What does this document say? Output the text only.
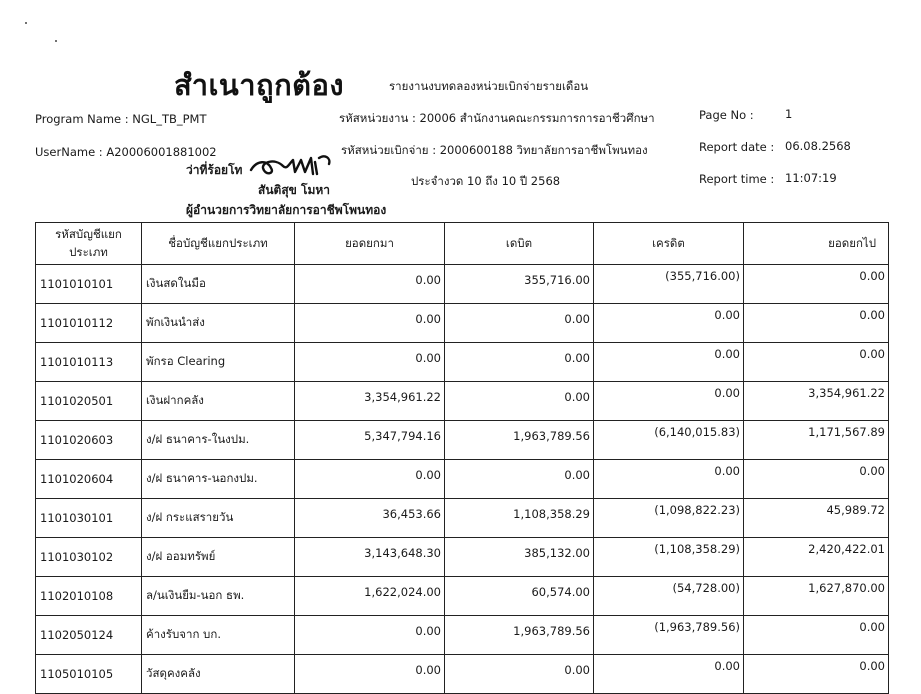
สำเนาถูกต้อง	รายงานงบทดลองหน่วยเบิกจ่ายรายเดือน
Program Name : NGL_TB_PMT	รหัสหน่วยงาน : 20006 สำนักงานคณะกรรมการการอาชีวศึกษา	Page No :	1
UserName : A20006001881002	รหัสหน่วยเบิกจ่าย : 2000600188 วิทยาลัยการอาชีพโพนทอง	Report date : 06.08.2568
ว่าที่ร้อยโท
สันติสุข โมหา
ผู้อำนวยการวิทยาลัยการอาชีพโพนทอง
ประจำงวด 10 ถึง 10 ปี 2568	Report time : 11:07:19
รหัสบัญชีแยกประเภท	ชื่อบัญชีแยกประเภท	ยอดยกมา	เดบิต	เครดิต	ยอดยกไป
1101010101	เงินสดในมือ	0.00	355,716.00	(355,716.00)	0.00
1101010112	พักเงินนำส่ง	0.00	0.00	0.00	0.00
1101010113	พักรอ Clearing	0.00	0.00	0.00	0.00
1101020501	เงินฝากคลัง	3,354,961.22	0.00	0.00	3,354,961.22
1101020603	ง/ฝ ธนาคาร-ในงปม.	5,347,794.16	1,963,789.56	(6,140,015.83)	1,171,567.89
1101020604	ง/ฝ ธนาคาร-นอกงปม.	0.00	0.00	0.00	0.00
1101030101	ง/ฝ กระแสรายวัน	36,453.66	1,108,358.29	(1,098,822.23)	45,989.72
1101030102	ง/ฝ ออมทรัพย์	3,143,648.30	385,132.00	(1,108,358.29)	2,420,422.01
1102010108	ล/นเงินยืม-นอก ธพ.	1,622,024.00	60,574.00	(54,728.00)	1,627,870.00
1102050124	ค้างรับจาก บก.	0.00	1,963,789.56	(1,963,789.56)	0.00
1105010105	วัสดุคงคลัง	0.00	0.00	0.00	0.00
